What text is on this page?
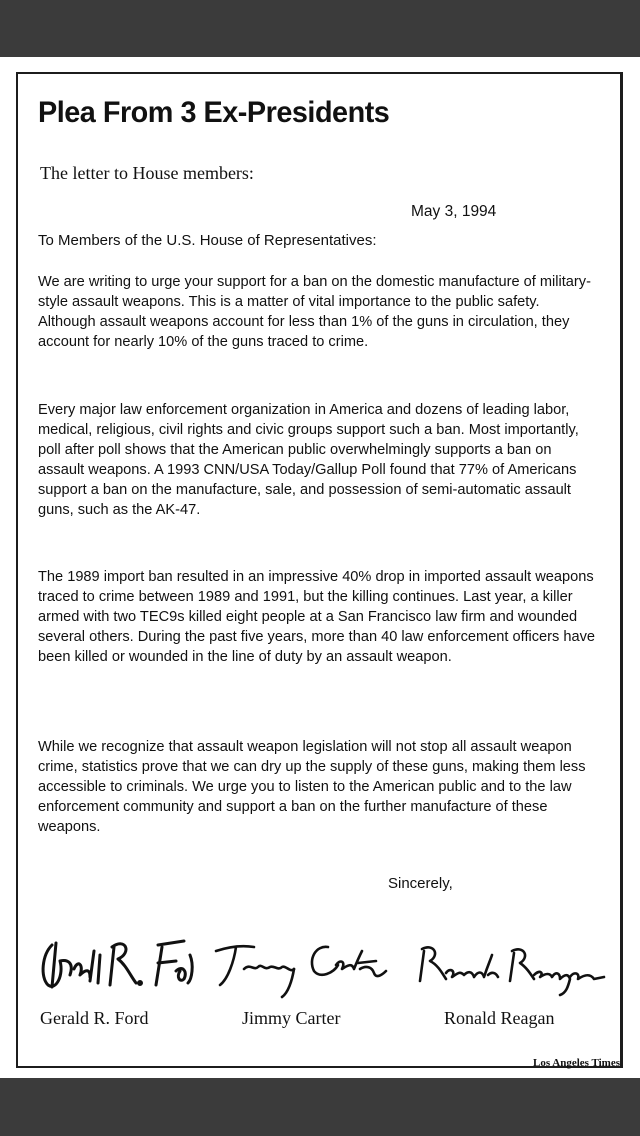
Plea From 3 Ex-Presidents
The letter to House members:
May 3, 1994
To Members of the U.S. House of Representatives:

We are writing to urge your support for a ban on the domestic manufacture of military-style assault weapons. This is a matter of vital importance to the public safety. Although assault weapons account for less than 1% of the guns in circulation, they account for nearly 10% of the guns traced to crime.

Every major law enforcement organization in America and dozens of leading labor, medical, religious, civil rights and civic groups support such a ban. Most importantly, poll after poll shows that the American public overwhelmingly supports a ban on assault weapons. A 1993 CNN/USA Today/Gallup Poll found that 77% of Americans support a ban on the manufacture, sale, and possession of semi-automatic assault guns, such as the AK-47.

The 1989 import ban resulted in an impressive 40% drop in imported assault weapons traced to crime between 1989 and 1991, but the killing continues. Last year, a killer armed with two TEC9s killed eight people at a San Francisco law firm and wounded several others. During the past five years, more than 40 law enforcement officers have been killed or wounded in the line of duty by an assault weapon.

While we recognize that assault weapon legislation will not stop all assault weapon crime, statistics prove that we can dry up the supply of these guns, making them less accessible to criminals. We urge you to listen to the American public and to the law enforcement community and support a ban on the further manufacture of these weapons.

Sincerely,
Gerald R. Ford	Jimmy Carter	Ronald Reagan
Los Angeles Times
